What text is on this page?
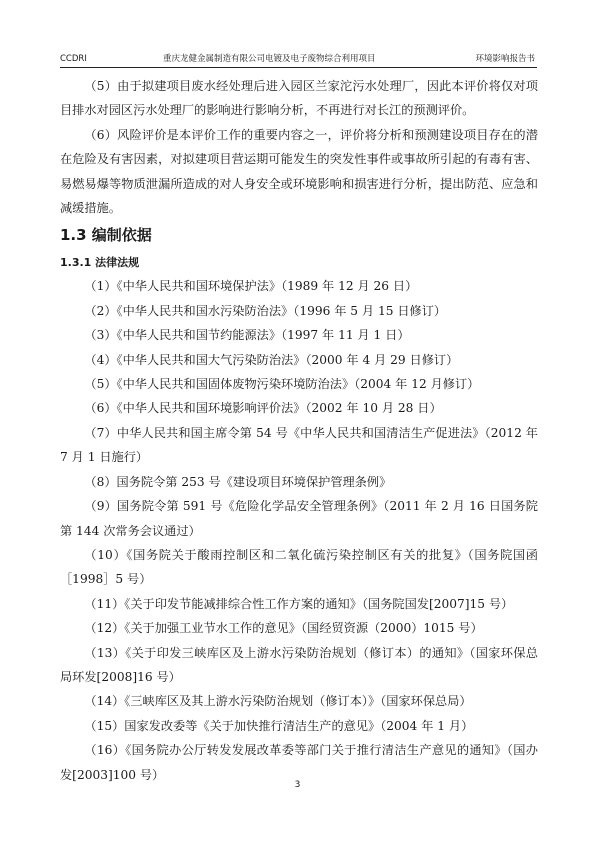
CCDRI	重庆龙健金属制造有限公司电镀及电子废物综合利用项目	环境影响报告书

（5）由于拟建项目废水经处理后进入园区兰家沱污水处理厂，因此本评价将仅对项目排水对园区污水处理厂的影响进行影响分析，不再进行对长江的预测评价。

（6）风险评价是本评价工作的重要内容之一，评价将分析和预测建设项目存在的潜在危险及有害因素，对拟建项目营运期可能发生的突发性事件或事故所引起的有毒有害、易燃易爆等物质泄漏所造成的对人身安全或环境影响和损害进行分析，提出防范、应急和减缓措施。

1.3 编制依据
1.3.1 法律法规

（1）《中华人民共和国环境保护法》（1989 年 12 月 26 日）

（2）《中华人民共和国水污染防治法》（1996 年 5 月 15 日修订）

（3）《中华人民共和国节约能源法》（1997 年 11 月 1 日）

（4）《中华人民共和国大气污染防治法》（2000 年 4 月 29 日修订）

（5）《中华人民共和国固体废物污染环境防治法》（2004 年 12 月修订）

（6）《中华人民共和国环境影响评价法》（2002 年 10 月 28 日）

（7）中华人民共和国主席令第 54 号《中华人民共和国清洁生产促进法》（2012 年 7 月 1 日施行）

（8）国务院令第 253 号《建设项目环境保护管理条例》

（9）国务院令第 591 号《危险化学品安全管理条例》（2011 年 2 月 16 日国务院第 144 次常务会议通过）

（10）《国务院关于酸雨控制区和二氧化硫污染控制区有关的批复》（国务院国函［1998］5 号）

（11）《关于印发节能减排综合性工作方案的通知》（国务院国发[2007]15 号）

（12）《关于加强工业节水工作的意见》（国经贸资源（2000）1015 号）

（13）《关于印发三峡库区及上游水污染防治规划（修订本）的通知》（国家环保总局环发[2008]16 号）

（14）《三峡库区及其上游水污染防治规划（修订本）》（国家环保总局）

（15）国家发改委等《关于加快推行清洁生产的意见》（2004 年 1 月）

（16）《国务院办公厅转发发展改革委等部门关于推行清洁生产意见的通知》（国办发[2003]100 号）

3
